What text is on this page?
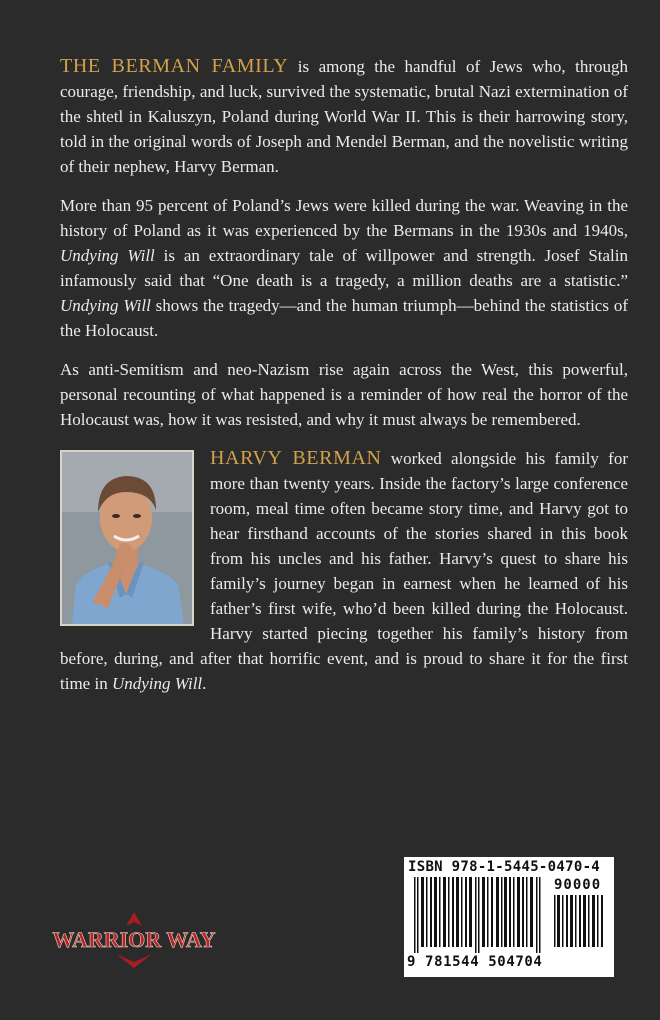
THE BERMAN FAMILY is among the handful of Jews who, through courage, friendship, and luck, survived the systematic, brutal Nazi extermination of the shtetl in Kaluszyn, Poland during World War II. This is their harrowing story, told in the original words of Joseph and Mendel Berman, and the novelistic writing of their nephew, Harvy Berman.

More than 95 percent of Poland’s Jews were killed during the war. Weaving in the history of Poland as it was experienced by the Bermans in the 1930s and 1940s, Undying Will is an extraordinary tale of willpower and strength. Josef Stalin infamously said that “One death is a tragedy, a million deaths are a statistic.” Undying Will shows the tragedy—and the human triumph—behind the statistics of the Holocaust.

As anti-Semitism and neo-Nazism rise again across the West, this powerful, personal recounting of what happened is a reminder of how real the horror of the Holocaust was, how it was resisted, and why it must always be remembered.

HARVY BERMAN worked alongside his family for more than twenty years. Inside the factory’s large conference room, meal time often became story time, and Harvy got to hear firsthand accounts of the stories shared in this book from his uncles and his father. Harvy’s quest to share his family’s journey began in earnest when he learned of his father’s first wife, who’d been killed during the Holocaust. Harvy started piecing together his family’s history from before, during, and after that horrific event, and is proud to share it for the first time in Undying Will.

WARRIOR WAY
ISBN 978-1-5445-0470-4
90000
9 781544 504704
